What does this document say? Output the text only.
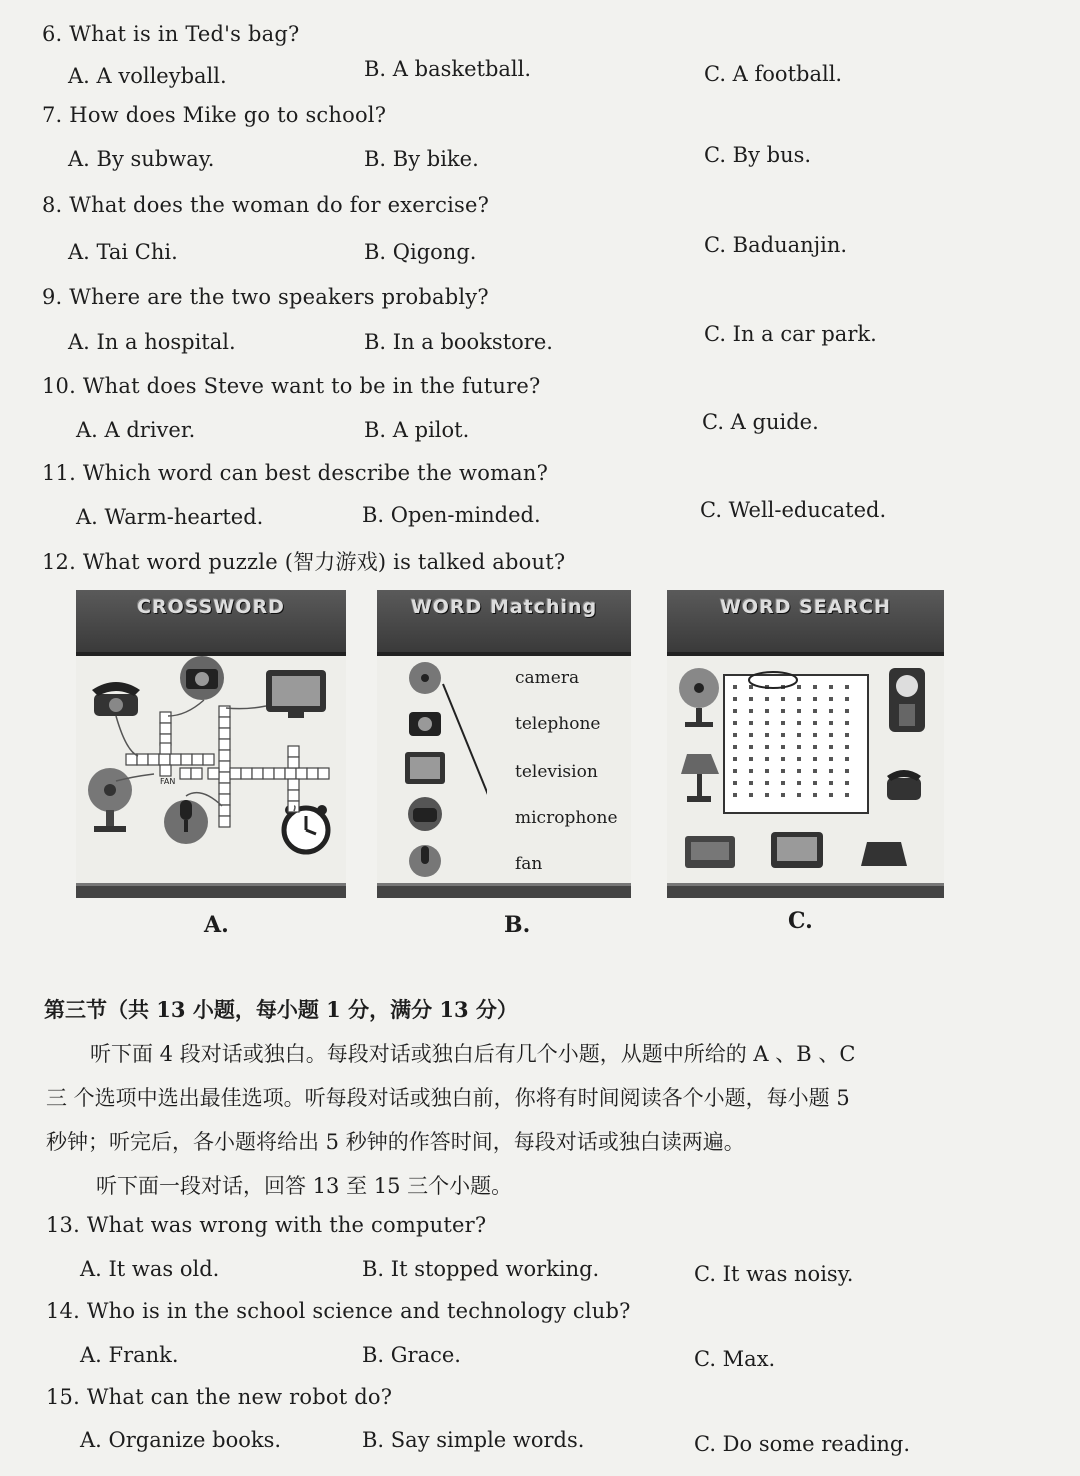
6. What is in Ted's bag?
A. A volleyball.	B. A basketball.	C. A football.
7. How does Mike go to school?
A. By subway.	B. By bike.	C. By bus.
8. What does the woman do for exercise?
A. Tai Chi.	B. Qigong.	C. Baduanjin.
9. Where are the two speakers probably?
A. In a hospital.	B. In a bookstore.	C. In a car park.
10. What does Steve want to be in the future?
A. A driver.	B. A pilot.	C. A guide.
11. Which word can best describe the woman?
A. Warm-hearted.	B. Open-minded.	C. Well-educated.
12. What word puzzle (智力游戏) is talked about?
CROSSWORD
FAN
A.
WORD Matching
camera
telephone
television
microphone
fan
B.
WORD SEARCH
C.
第三节（共 13 小题，每小题 1 分，满分 13 分）
听下面 4 段对话或独白。每段对话或独白后有几个小题，从题中所给的 A 、B 、C
三 个选项中选出最佳选项。听每段对话或独白前，你将有时间阅读各个小题，每小题 5
秒钟；听完后，各小题将给出 5 秒钟的作答时间，每段对话或独白读两遍。
听下面一段对话，回答 13 至 15 三个小题。
13. What was wrong with the computer?
A. It was old.	B. It stopped working.	C. It was noisy.
14. Who is in the school science and technology club?
A. Frank.	B. Grace.	C. Max.
15. What can the new robot do?
A. Organize books.	B. Say simple words.	C. Do some reading.
